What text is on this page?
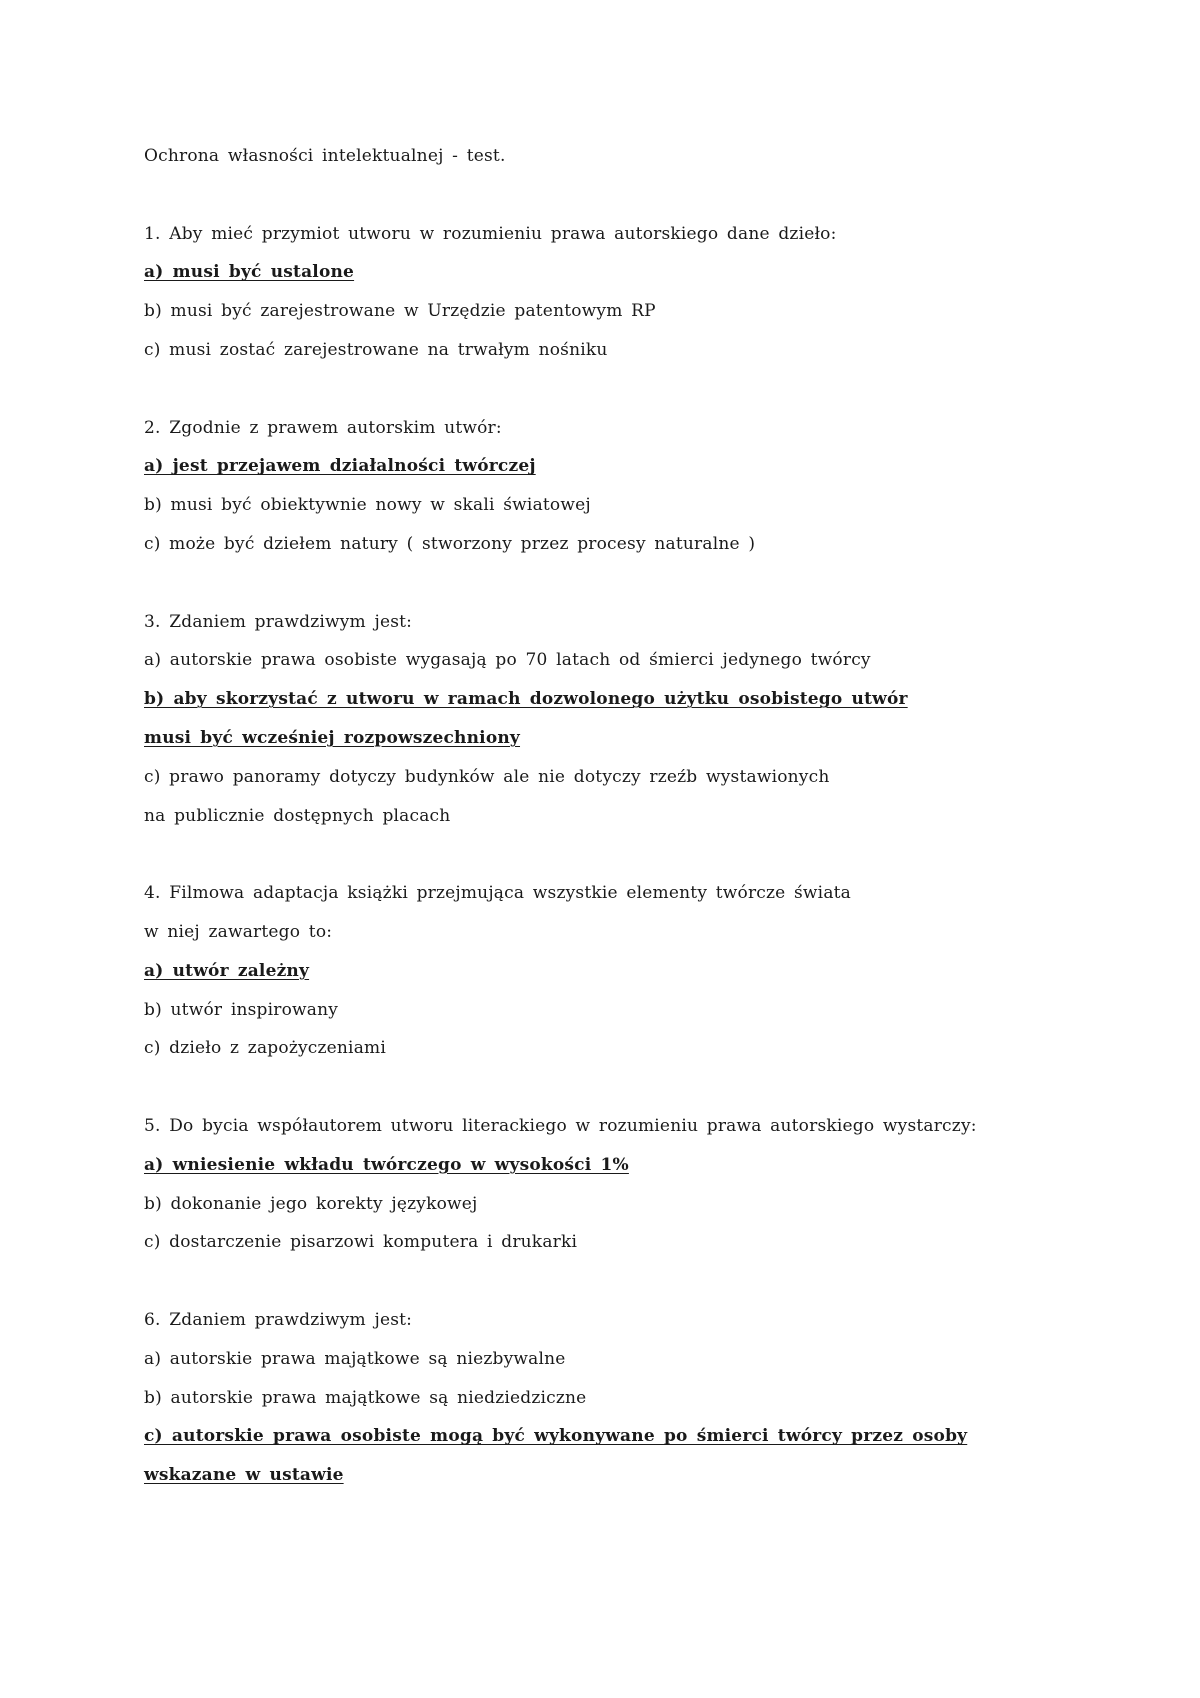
Ochrona własności intelektualnej - test.
1. Aby mieć przymiot utworu w rozumieniu prawa autorskiego dane dzieło:
a) musi być ustalone
b) musi być zarejestrowane w Urzędzie patentowym RP
c) musi zostać zarejestrowane na trwałym nośniku
2. Zgodnie z prawem autorskim utwór:
a) jest przejawem działalności twórczej
b) musi być obiektywnie nowy w skali światowej
c) może być dziełem natury ( stworzony przez procesy naturalne )
3. Zdaniem prawdziwym jest:
a) autorskie prawa osobiste wygasają po 70 latach od śmierci jedynego twórcy
b) aby skorzystać z utworu w ramach dozwolonego użytku osobistego utwór
musi być wcześniej rozpowszechniony
c) prawo panoramy dotyczy budynków ale nie dotyczy rzeźb wystawionych
na publicznie dostępnych placach
4. Filmowa adaptacja książki przejmująca wszystkie elementy twórcze świata
w niej zawartego to:
a) utwór zależny
b) utwór inspirowany
c) dzieło z zapożyczeniami
5. Do bycia współautorem utworu literackiego w rozumieniu prawa autorskiego wystarczy:
a) wniesienie wkładu twórczego w wysokości 1%
b) dokonanie jego korekty językowej
c) dostarczenie pisarzowi komputera i drukarki
6. Zdaniem prawdziwym jest:
a) autorskie prawa majątkowe są niezbywalne
b) autorskie prawa majątkowe są niedziedziczne
c) autorskie prawa osobiste mogą być wykonywane po śmierci twórcy przez osoby
wskazane w ustawie
